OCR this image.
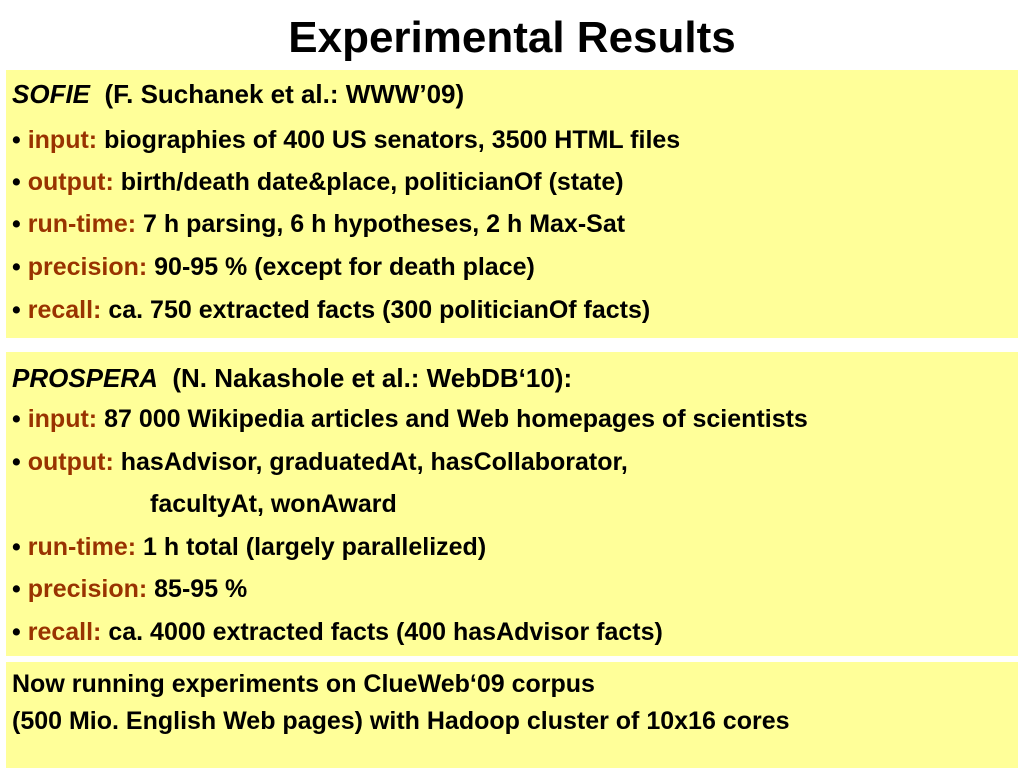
Experimental Results
SOFIE (F. Suchanek et al.: WWW’09)
• input: biographies of 400 US senators, 3500 HTML files
• output: birth/death date&place, politicianOf (state)
• run-time: 7 h parsing, 6 h hypotheses, 2 h Max-Sat
• precision: 90-95 % (except for death place)
• recall: ca. 750 extracted facts (300 politicianOf facts)
PROSPERA (N. Nakashole et al.: WebDB‘10):
• input: 87 000 Wikipedia articles and Web homepages of scientists
• output: hasAdvisor, graduatedAt, hasCollaborator,
facultyAt, wonAward
• run-time: 1 h total (largely parallelized)
• precision: 85-95 %
• recall: ca. 4000 extracted facts (400 hasAdvisor facts)
Now running experiments on ClueWeb‘09 corpus
(500 Mio. English Web pages) with Hadoop cluster of 10x16 cores
